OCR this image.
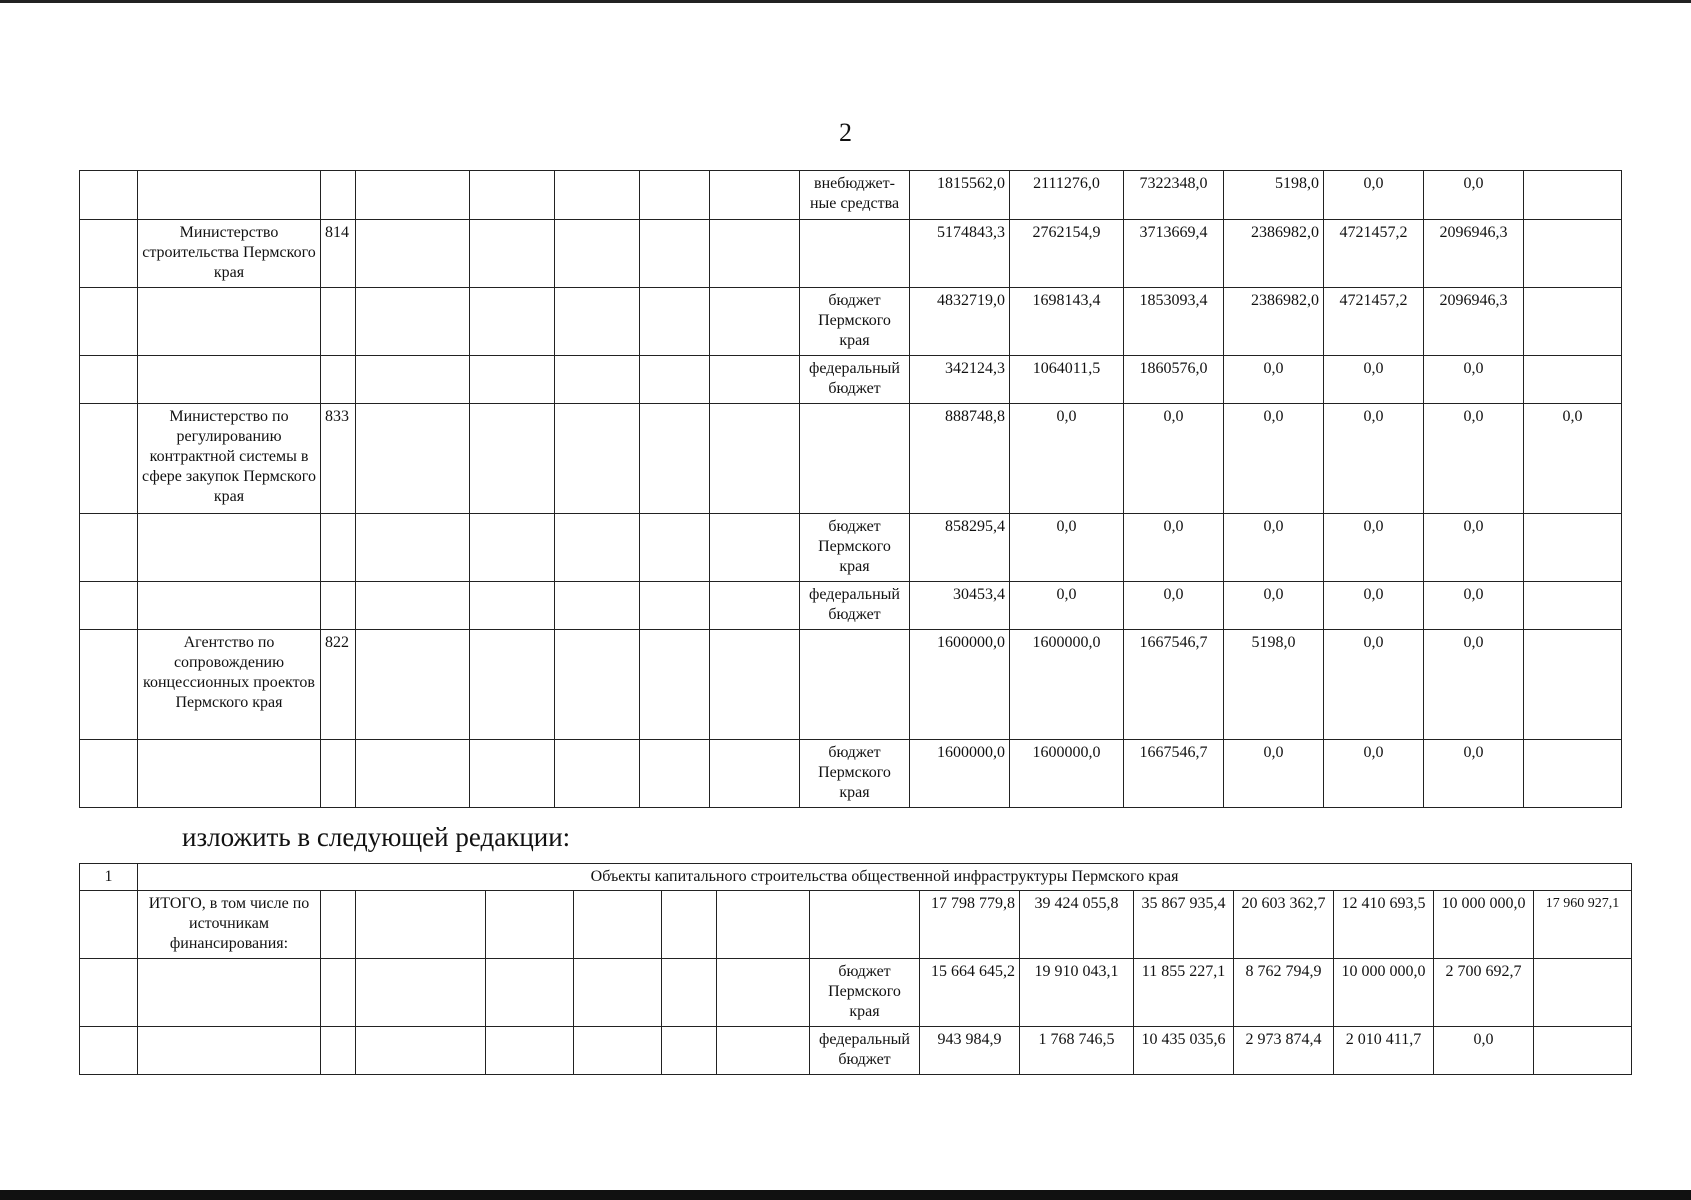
2
								внебюджет-ные средства	1815562,0	2111276,0	7322348,0	5198,0	0,0	0,0	
	Министерство строительства Пермского края	814							5174843,3	2762154,9	3713669,4	2386982,0	4721457,2	2096946,3	
								бюджет Пермского края	4832719,0	1698143,4	1853093,4	2386982,0	4721457,2	2096946,3	
								федеральный бюджет	342124,3	1064011,5	1860576,0	0,0	0,0	0,0	
	Министерство по регулированию контрактной системы в сфере закупок Пермского края	833							888748,8	0,0	0,0	0,0	0,0	0,0	0,0
								бюджет Пермского края	858295,4	0,0	0,0	0,0	0,0	0,0	
								федеральный бюджет	30453,4	0,0	0,0	0,0	0,0	0,0	
	Агентство по сопровождению концессионных проектов Пермского края	822							1600000,0	1600000,0	1667546,7	5198,0	0,0	0,0	
								бюджет Пермского края	1600000,0	1600000,0	1667546,7	0,0	0,0	0,0	
изложить в следующей редакции:
1	Объекты капитального строительства общественной инфраструктуры Пермского края														
	ИТОГО, в том числе по источникам финансирования:								17 798 779,8	39 424 055,8	35 867 935,4	20 603 362,7	12 410 693,5	10 000 000,0	17 960 927,1
								бюджет Пермского края	15 664 645,2	19 910 043,1	11 855 227,1	8 762 794,9	10 000 000,0	2 700 692,7	
								федеральный бюджет	943 984,9	1 768 746,5	10 435 035,6	2 973 874,4	2 010 411,7	0,0	
